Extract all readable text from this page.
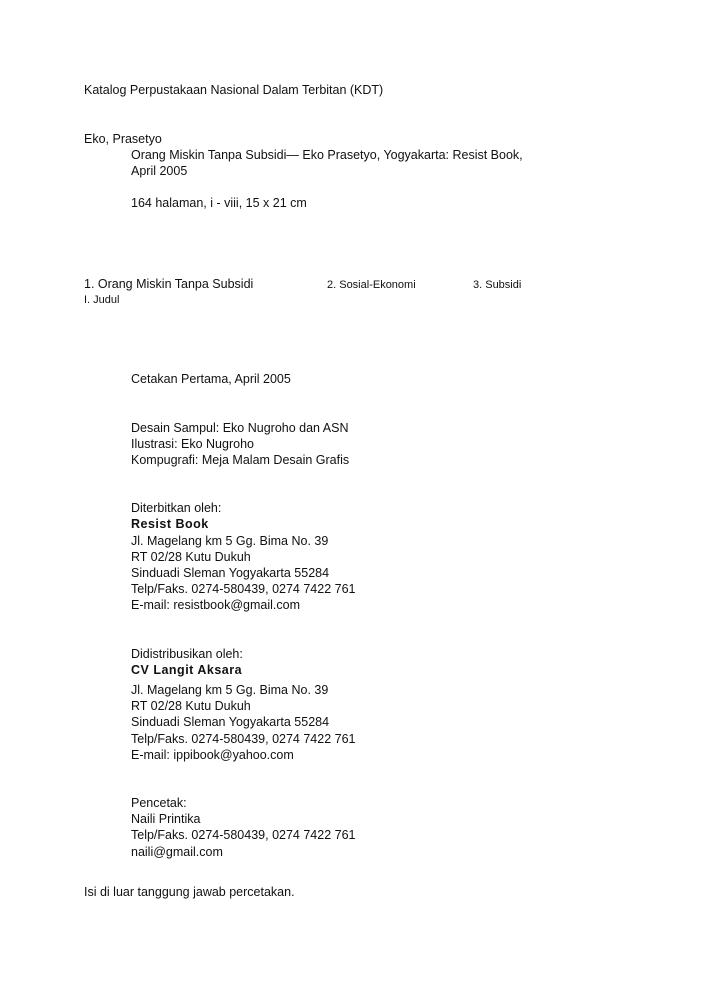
Katalog Perpustakaan Nasional Dalam Terbitan (KDT)
Eko, Prasetyo
Orang Miskin Tanpa Subsidi— Eko Prasetyo, Yogyakarta: Resist Book,
April 2005
164 halaman, i - viii, 15 x 21 cm
1. Orang Miskin Tanpa Subsidi	2. Sosial-Ekonomi	3. Subsidi
I. Judul
Cetakan Pertama, April 2005
Desain Sampul: Eko Nugroho dan ASN
Ilustrasi: Eko Nugroho
Kompugrafi: Meja Malam Desain Grafis
Diterbitkan oleh:
Resist Book
Jl. Magelang km 5 Gg. Bima No. 39
RT 02/28 Kutu Dukuh
Sinduadi Sleman Yogyakarta 55284
Telp/Faks. 0274-580439, 0274 7422 761
E-mail: resistbook@gmail.com
Didistribusikan oleh:
CV Langit Aksara
Jl. Magelang km 5 Gg. Bima No. 39
RT 02/28 Kutu Dukuh
Sinduadi Sleman Yogyakarta 55284
Telp/Faks. 0274-580439, 0274 7422 761
E-mail: ippibook@yahoo.com
Pencetak:
Naili Printika
Telp/Faks. 0274-580439, 0274 7422 761
naili@gmail.com
Isi di luar tanggung jawab percetakan.
